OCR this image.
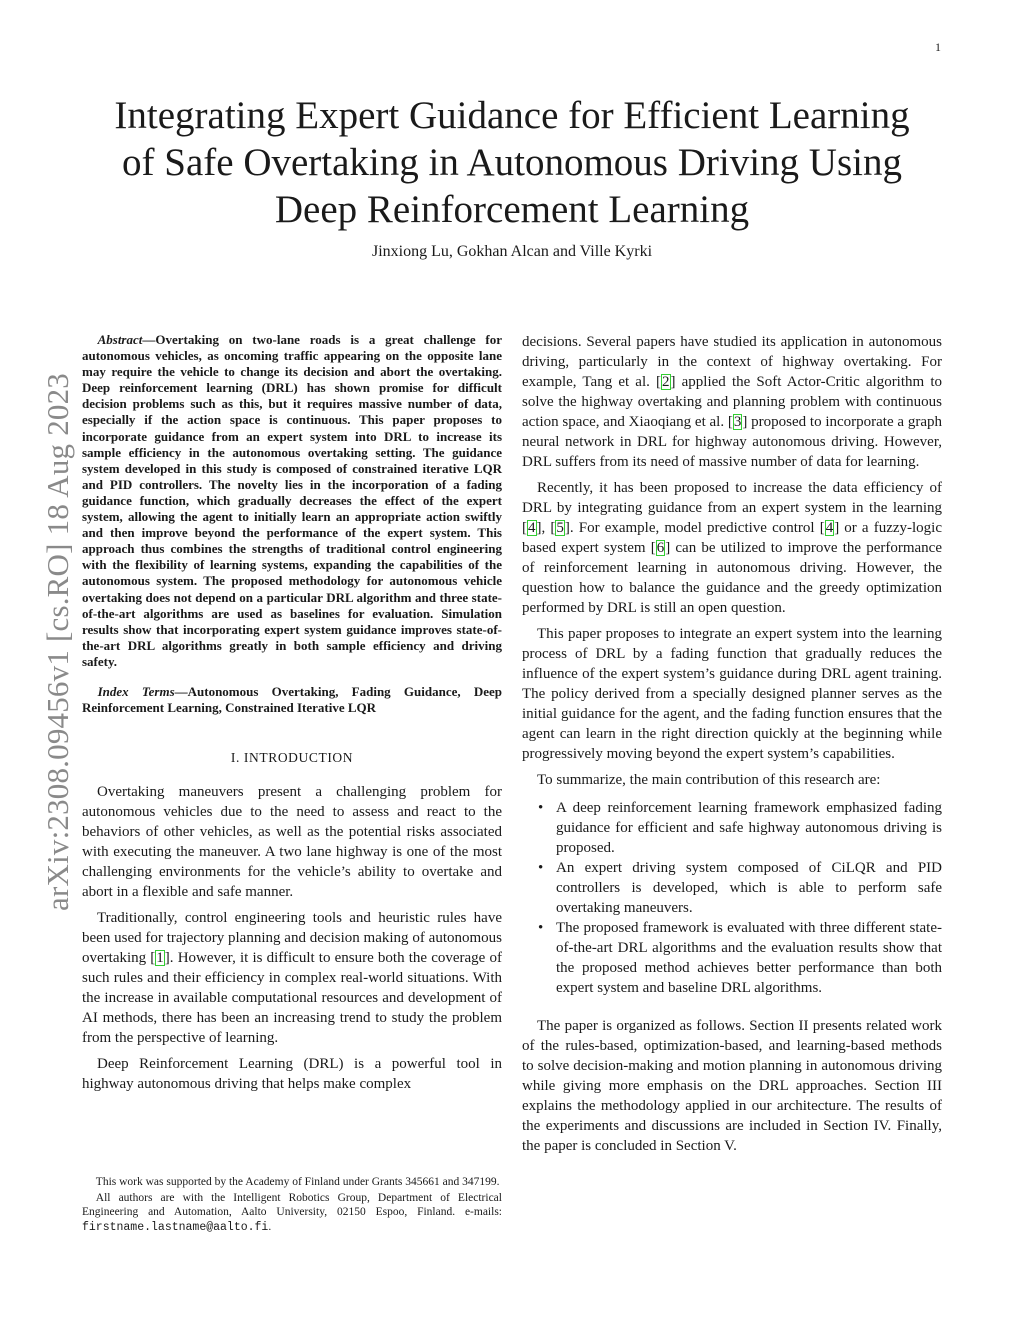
1
arXiv:2308.09456v1 [cs.RO] 18 Aug 2023
Integrating Expert Guidance for Efficient Learning
of Safe Overtaking in Autonomous Driving Using
Deep Reinforcement Learning
Jinxiong Lu, Gokhan Alcan and Ville Kyrki

Abstract—Overtaking on two-lane roads is a great challenge for autonomous vehicles, as oncoming traffic appearing on the opposite lane may require the vehicle to change its decision and abort the overtaking. Deep reinforcement learning (DRL) has shown promise for difficult decision problems such as this, but it requires massive number of data, especially if the action space is continuous. This paper proposes to incorporate guidance from an expert system into DRL to increase its sample efficiency in the autonomous overtaking setting. The guidance system developed in this study is composed of constrained iterative LQR and PID controllers. The novelty lies in the incorporation of a fading guidance function, which gradually decreases the effect of the expert system, allowing the agent to initially learn an appropriate action swiftly and then improve beyond the performance of the expert system. This approach thus combines the strengths of traditional control engineering with the flexibility of learning systems, expanding the capabilities of the autonomous system. The proposed methodology for autonomous vehicle overtaking does not depend on a particular DRL algorithm and three state-of-the-art algorithms are used as baselines for evaluation. Simulation results show that incorporating expert system guidance improves state-of-the-art DRL algorithms greatly in both sample efficiency and driving safety.

Index Terms—Autonomous Overtaking, Fading Guidance, Deep Reinforcement Learning, Constrained Iterative LQR

I. INTRODUCTION

Overtaking maneuvers present a challenging problem for autonomous vehicles due to the need to assess and react to the behaviors of other vehicles, as well as the potential risks associated with executing the maneuver. A two lane highway is one of the most challenging environments for the vehicle’s ability to overtake and abort in a flexible and safe manner.

Traditionally, control engineering tools and heuristic rules have been used for trajectory planning and decision making of autonomous overtaking [1]. However, it is difficult to ensure both the coverage of such rules and their efficiency in complex real-world situations. With the increase in available computational resources and development of AI methods, there has been an increasing trend to study the problem from the perspective of learning.

Deep Reinforcement Learning (DRL) is a powerful tool in highway autonomous driving that helps make complex

This work was supported by the Academy of Finland under Grants 345661 and 347199.

All authors are with the Intelligent Robotics Group, Department of Electrical Engineering and Automation, Aalto University, 02150 Espoo, Finland. e-mails: firstname.lastname@aalto.fi.

decisions. Several papers have studied its application in autonomous driving, particularly in the context of highway overtaking. For example, Tang et al. [2] applied the Soft Actor-Critic algorithm to solve the highway overtaking and planning problem with continuous action space, and Xiaoqiang et al. [3] proposed to incorporate a graph neural network in DRL for highway autonomous driving. However, DRL suffers from its need of massive number of data for learning.

Recently, it has been proposed to increase the data efficiency of DRL by integrating guidance from an expert system in the learning [4], [5]. For example, model predictive control [4] or a fuzzy-logic based expert system [6] can be utilized to improve the performance of reinforcement learning in autonomous driving. However, the question how to balance the guidance and the greedy optimization performed by DRL is still an open question.

This paper proposes to integrate an expert system into the learning process of DRL by a fading function that gradually reduces the influence of the expert system’s guidance during DRL agent training. The policy derived from a specially designed planner serves as the initial guidance for the agent, and the fading function ensures that the agent can learn in the right direction quickly at the beginning while progressively moving beyond the expert system’s capabilities.

To summarize, the main contribution of this research are:

• A deep reinforcement learning framework emphasized fading guidance for efficient and safe highway autonomous driving is proposed.
• An expert driving system composed of CiLQR and PID controllers is developed, which is able to perform safe overtaking maneuvers.
• The proposed framework is evaluated with three different state-of-the-art DRL algorithms and the evaluation results show that the proposed method achieves better performance than both expert system and baseline DRL algorithms.

The paper is organized as follows. Section II presents related work of the rules-based, optimization-based, and learning-based methods to solve decision-making and motion planning in autonomous driving while giving more emphasis on the DRL approaches. Section III explains the methodology applied in our architecture. The results of the experiments and discussions are included in Section IV. Finally, the paper is concluded in Section V.
